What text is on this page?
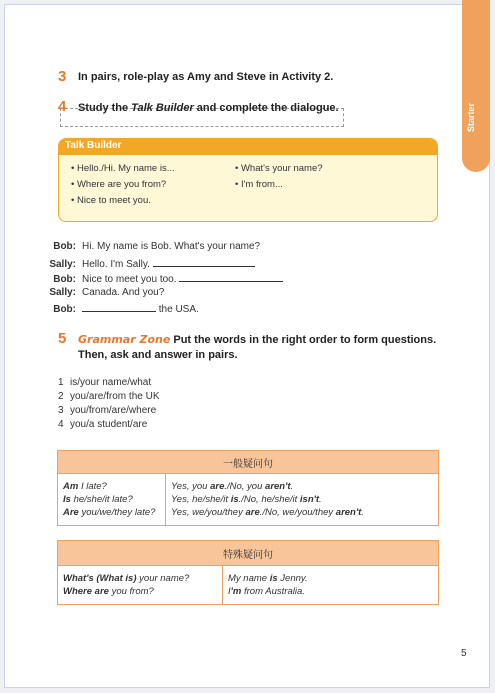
Starter
3 In pairs, role-play as Amy and Steve in Activity 2.
4 Study the Talk Builder and complete the dialogue.
Talk Builder
• Hello./Hi. My name is...
• Where are you from?
• Nice to meet you.
• What's your name?
• I'm from...
Bob: Hi. My name is Bob. What's your name?
Sally: Hello. I'm Sally.
Bob: Nice to meet you too.
Sally: Canada. And you?
Bob:	the USA.
5 Grammar Zone Put the words in the right order to form questions. Then, ask and answer in pairs.
1 is/your name/what
2 you/are/from the UK
3 you/from/are/where
4 you/a student/are
一般疑问句
Am I late?
Is he/she/it late?
Are you/we/they late?
Yes, you are./No, you aren't.
Yes, he/she/it is./No, he/she/it isn't.
Yes, we/you/they are./No, we/you/they aren't.
特殊疑问句
What's (What is) your name?
Where are you from?
My name is Jenny.
I'm from Australia.
5
